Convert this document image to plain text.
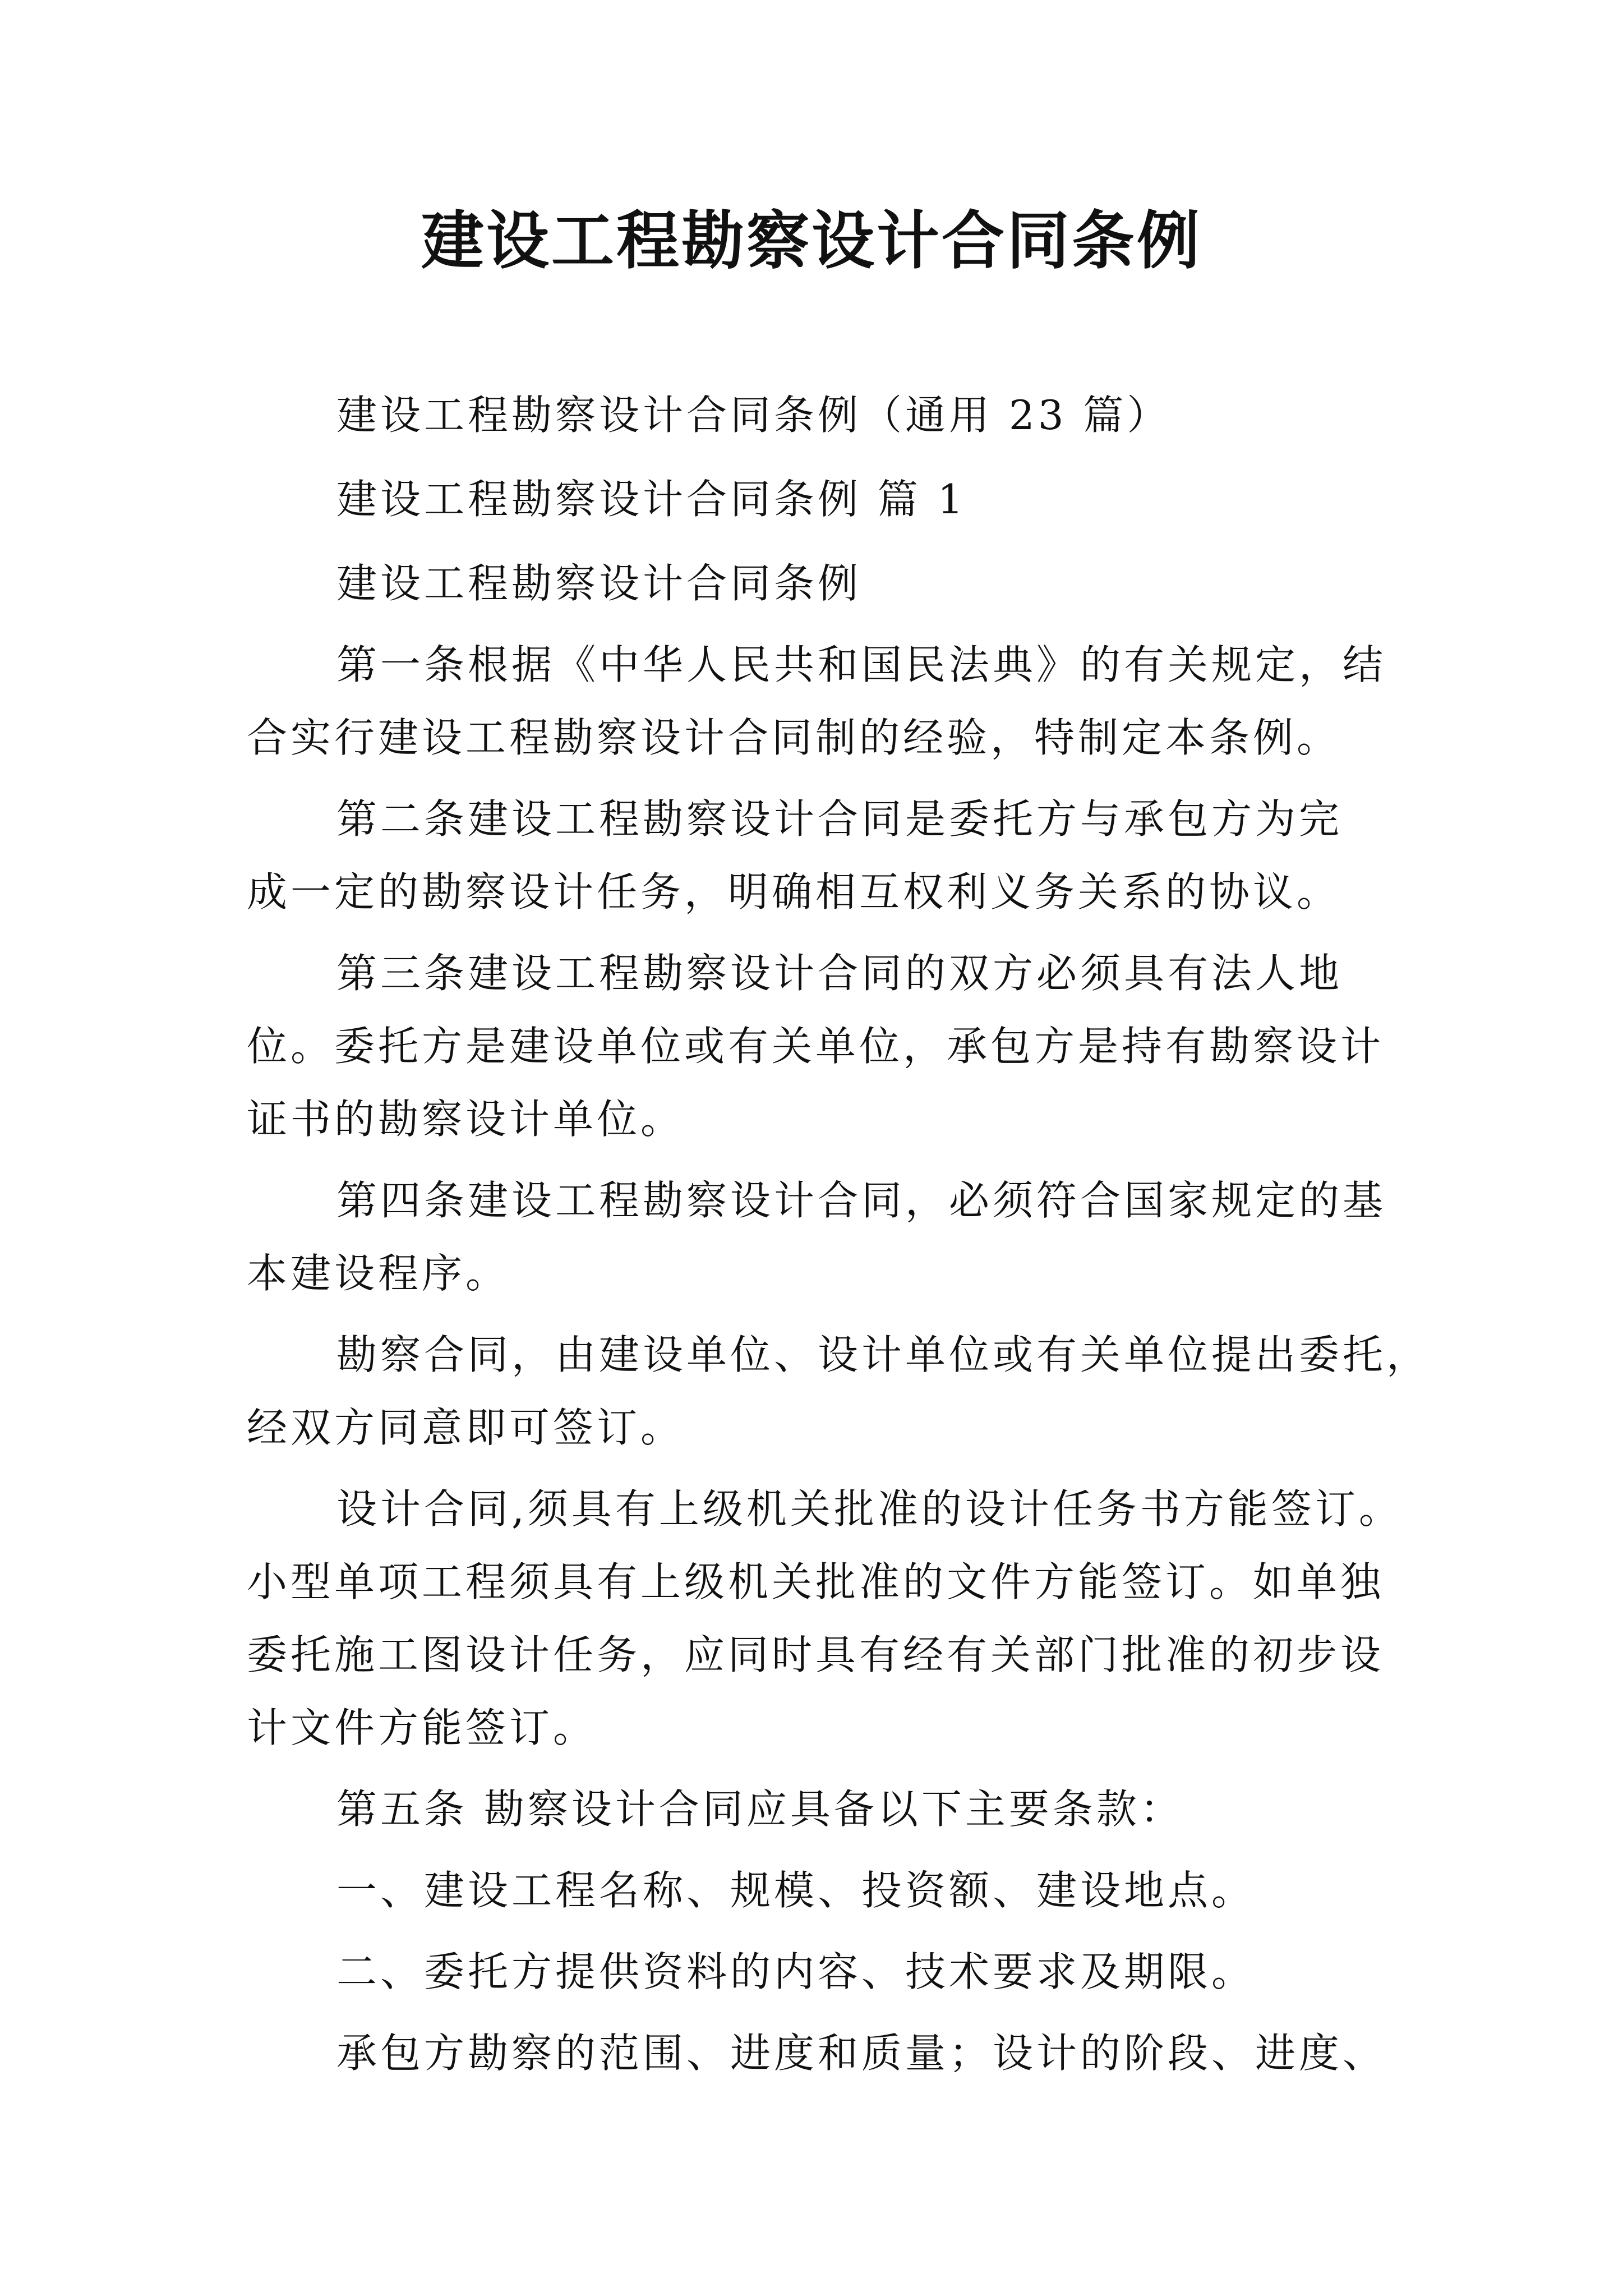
建设工程勘察设计合同条例
建设工程勘察设计合同条例（通用 23 篇）
建设工程勘察设计合同条例 篇 1
建设工程勘察设计合同条例
第一条根据《中华人民共和国民法典》的有关规定，结
合实行建设工程勘察设计合同制的经验，特制定本条例。
第二条建设工程勘察设计合同是委托方与承包方为完
成一定的勘察设计任务，明确相互权利义务关系的协议。
第三条建设工程勘察设计合同的双方必须具有法人地
位。委托方是建设单位或有关单位，承包方是持有勘察设计
证书的勘察设计单位。
第四条建设工程勘察设计合同，必须符合国家规定的基
本建设程序。
勘察合同，由建设单位、设计单位或有关单位提出委托，
经双方同意即可签订。
设计合同,须具有上级机关批准的设计任务书方能签订。
小型单项工程须具有上级机关批准的文件方能签订。如单独
委托施工图设计任务，应同时具有经有关部门批准的初步设
计文件方能签订。
第五条 勘察设计合同应具备以下主要条款：
一、建设工程名称、规模、投资额、建设地点。
二、委托方提供资料的内容、技术要求及期限。
承包方勘察的范围、进度和质量；设计的阶段、进度、
